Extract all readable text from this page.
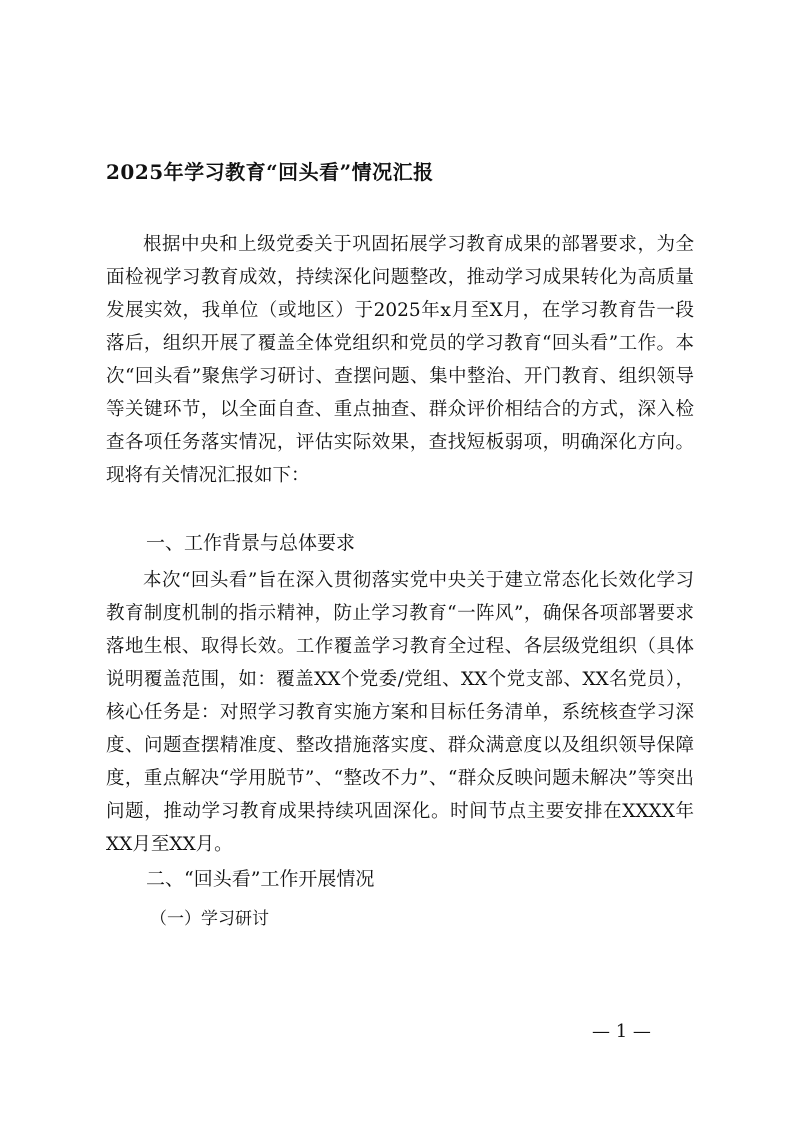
2025年学习教育“回头看”情况汇报

根据中央和上级党委关于巩固拓展学习教育成果的部署要求，为全面检视学习教育成效，持续深化问题整改，推动学习成果转化为高质量发展实效，我单位（或地区）于2025年x月至X月，在学习教育告一段落后，组织开展了覆盖全体党组织和党员的学习教育“回头看”工作。本次“回头看”聚焦学习研讨、查摆问题、集中整治、开门教育、组织领导等关键环节，以全面自查、重点抽查、群众评价相结合的方式，深入检查各项任务落实情况，评估实际效果，查找短板弱项，明确深化方向。现将有关情况汇报如下：

一、工作背景与总体要求

本次“回头看”旨在深入贯彻落实党中央关于建立常态化长效化学习教育制度机制的指示精神，防止学习教育“一阵风”，确保各项部署要求落地生根、取得长效。工作覆盖学习教育全过程、各层级党组织（具体说明覆盖范围，如：覆盖XX个党委/党组、XX个党支部、XX名党员），核心任务是：对照学习教育实施方案和目标任务清单，系统核查学习深度、问题查摆精准度、整改措施落实度、群众满意度以及组织领导保障度，重点解决“学用脱节”、“整改不力”、“群众反映问题未解决”等突出问题，推动学习教育成果持续巩固深化。时间节点主要安排在XXXX年XX月至XX月。

二、“回头看”工作开展情况
（一）学习研讨
— 1 —
